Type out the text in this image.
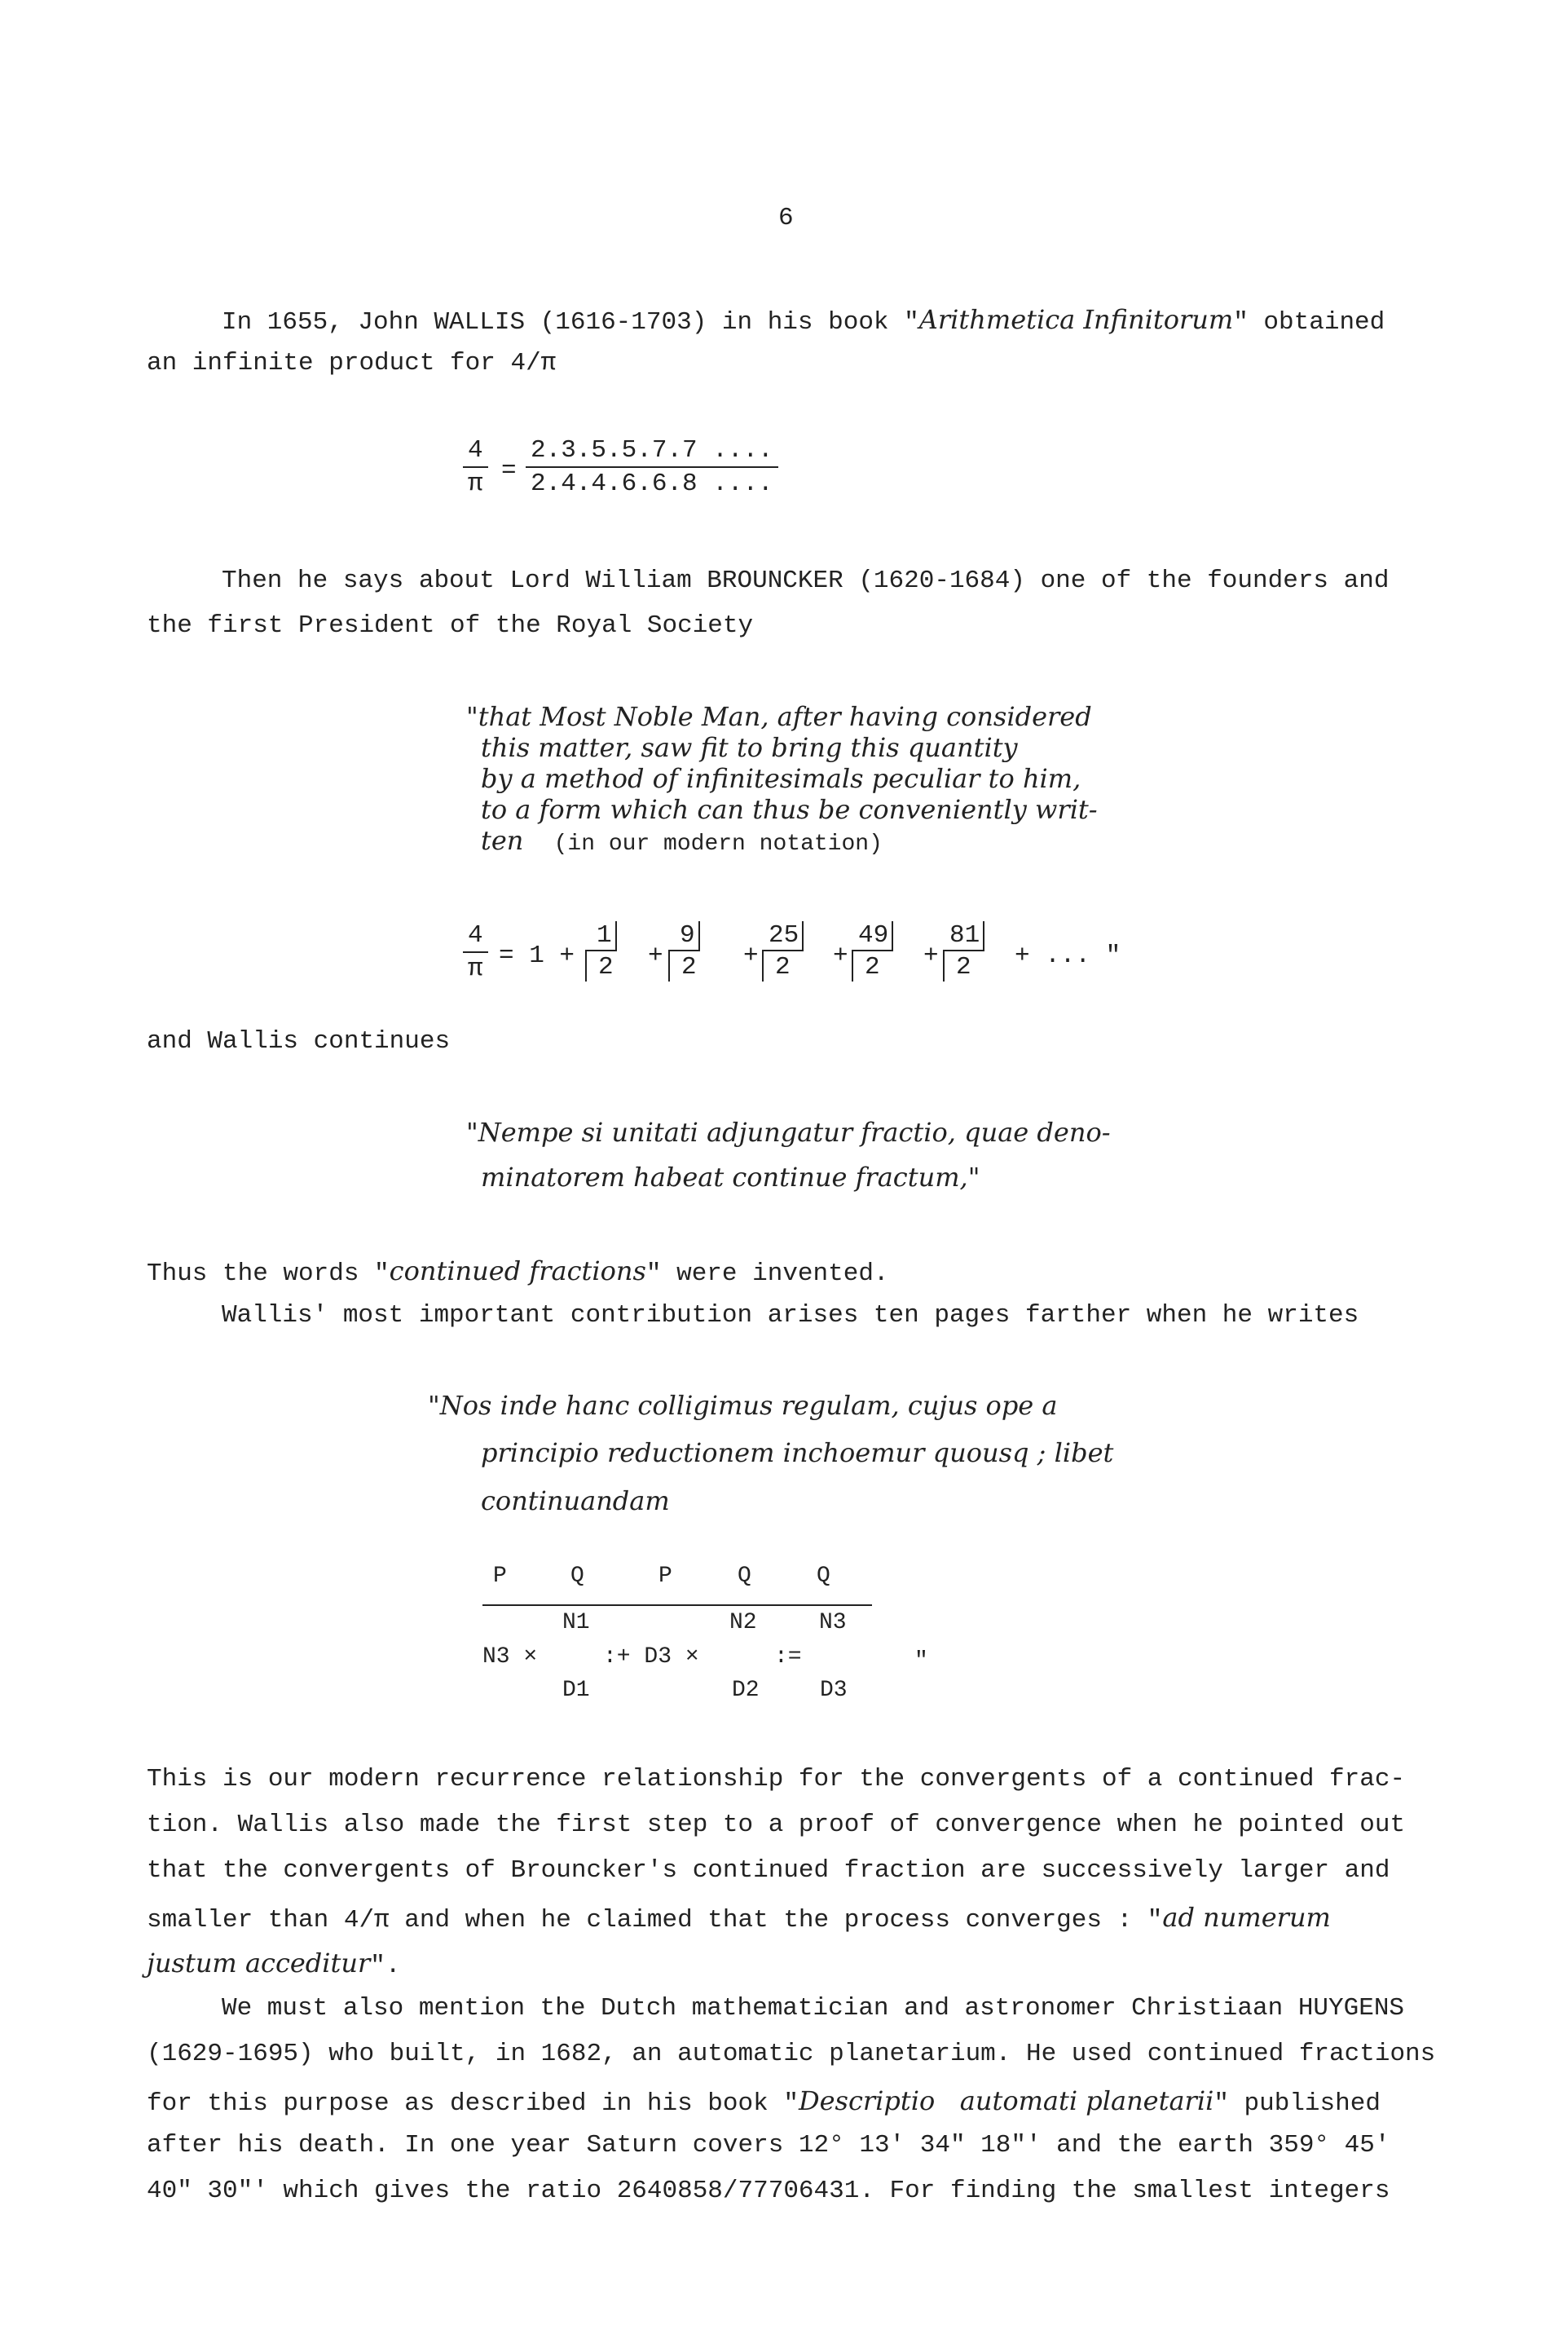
6
In 1655, John WALLIS (1616-1703) in his book "Arithmetica Infinitorum" obtained
an infinite product for 4/π
$\frac{4}{\pi} = \frac{2.3.5.5.7.7 ....}{2.4.4.6.6.8 ....}$
Then he says about Lord William BROUNCKER (1620-1684) one of the founders and
the first President of the Royal Society
"that Most Noble Man, after having considered
this matter, saw fit to bring this quantity
by a method of infinitesimals peculiar to him,
to a form which can thus be conveniently writ-
ten (in our modern notation)
$\frac{4}{\pi} = 1 + \frac{1}{2} + \frac{9}{2} + \frac{25}{2} + \frac{49}{2} + \frac{81}{2}$ + ... "
and Wallis continues
"Nempe si unitati adjungatur fractio, quae deno-
minatorem habeat continue fractum,"
Thus the words "continued fractions" were invented.
Wallis' most important contribution arises ten pages farther when he writes
"Nos inde hanc colligimus regulam, cujus ope a
principio reductionem inchoemur quousq ; libet
continuandam
P	Q	P	Q	Q
N1	N2	N3
N3 ×	:+ D3 ×	:=	"
D1	D2	D3
This is our modern recurrence relationship for the convergents of a continued frac-
tion. Wallis also made the first step to a proof of convergence when he pointed out
that the convergents of Brouncker's continued fraction are successively larger and
smaller than 4/π and when he claimed that the process converges : "ad numerum
justum acceditur".
We must also mention the Dutch mathematician and astronomer Christiaan HUYGENS
(1629-1695) who built, in 1682, an automatic planetarium. He used continued fractions
for this purpose as described in his book "Descriptio   automati planetarii" published
after his death. In one year Saturn covers 12° 13' 34" 18"' and the earth 359° 45'
40" 30"' which gives the ratio 2640858/77706431. For finding the smallest integers
